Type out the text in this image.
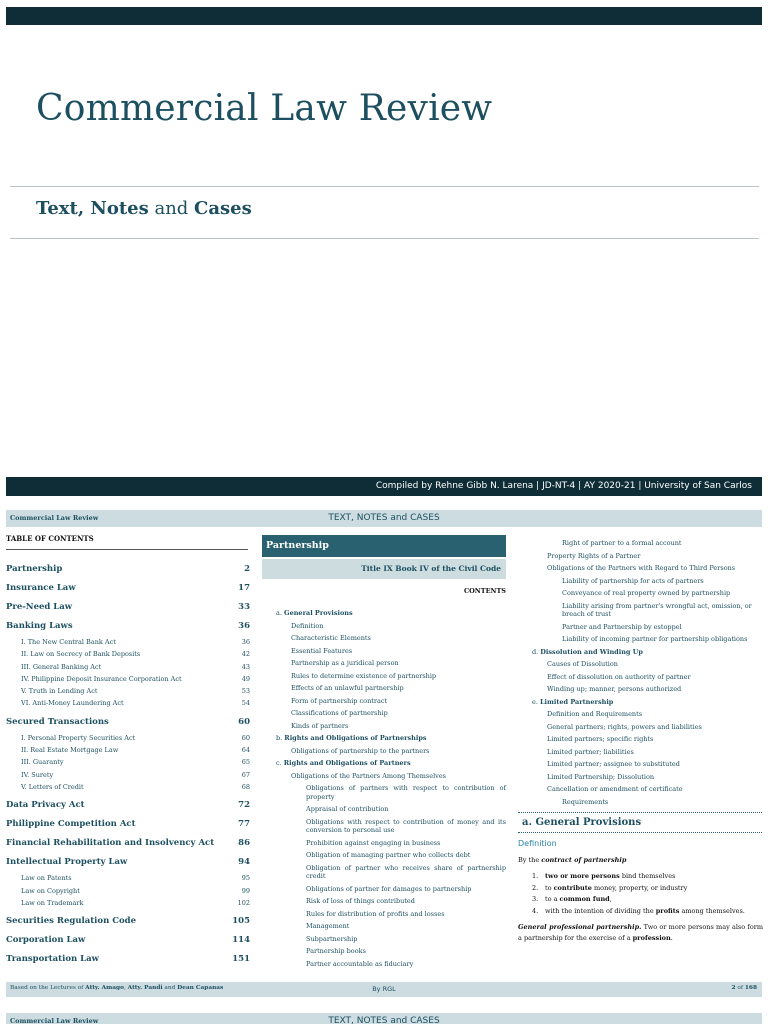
Commercial Law Review
Text, Notes and Cases
Compiled by Rehne Gibb N. Larena | JD-NT-4 | AY 2020-21 | University of San Carlos
Commercial Law Review	TEXT, NOTES and CASES
TABLE OF CONTENTS
Partnership	2
Insurance Law	17
Pre-Need Law	33
Banking Laws	36
I. The New Central Bank Act	36
II. Law on Secrecy of Bank Deposits	42
III. General Banking Act	43
IV. Philippine Deposit Insurance Corporation Act	49
V. Truth in Lending Act	53
VI. Anti-Money Laundering Act	54
Secured Transactions	60
I. Personal Property Securities Act	60
II. Real Estate Mortgage Law	64
III. Guaranty	65
IV. Surety	67
V. Letters of Credit	68
Data Privacy Act	72
Philippine Competition Act	77
Financial Rehabilitation and Insolvency Act	86
Intellectual Property Law	94
Law on Patents	95
Law on Copyright	99
Law on Trademark	102
Securities Regulation Code	105
Corporation Law	114
Transportation Law	151
Partnership
Title IX Book IV of the Civil Code
CONTENTS
a. General Provisions
Definition
Characteristic Elements
Essential Features
Partnership as a juridical person
Rules to determine existence of partnership
Effects of an unlawful partnership
Form of partnership contract
Classifications of partnership
Kinds of partners
b. Rights and Obligations of Partnerships
Obligations of partnership to the partners
c. Rights and Obligations of Partners
Obligations of the Partners Among Themselves
Obligations of partners with respect to contribution of property
Appraisal of contribution
Obligations with respect to contribution of money and its conversion to personal use
Prohibition against engaging in business
Obligation of managing partner who collects debt
Obligation of partner who receives share of partnership credit
Obligations of partner for damages to partnership
Risk of loss of things contributed
Rules for distribution of profits and losses
Management
Subpartnership
Partnership books
Partner accountable as fiduciary
Right of partner to a formal account
Property Rights of a Partner
Obligations of the Partners with Regard to Third Persons
Liability of partnership for acts of partners
Conveyance of real property owned by partnership
Liability arising from partner's wrongful act, omission, or breach of trust
Partner and Partnership by estoppel
Liability of incoming partner for partnership obligations
d. Dissolution and Winding Up
Causes of Dissolution
Effect of dissolution on authority of partner
Winding up; manner, persons authorized
e. Limited Partnership
Definition and Requirements
General partners; rights, powers and liabilities
Limited partners; specific rights
Limited partner; liabilities
Limited partner; assignee to substituted
Limited Partnership; Dissolution
Cancellation or amendment of certificate
Requirements
a. General Provisions
Definition
By the contract of partnership
1. two or more persons bind themselves
2. to contribute money, property, or industry
3. to a common fund,
4. with the intention of dividing the profits among themselves.
General professional partnership. Two or more persons may also form a partnership for the exercise of a profession.
Based on the Lectures of Atty. Amago, Atty. Pandi and Dean Capanas	By RGL	2 of 168
Commercial Law Review	TEXT, NOTES and CASES
